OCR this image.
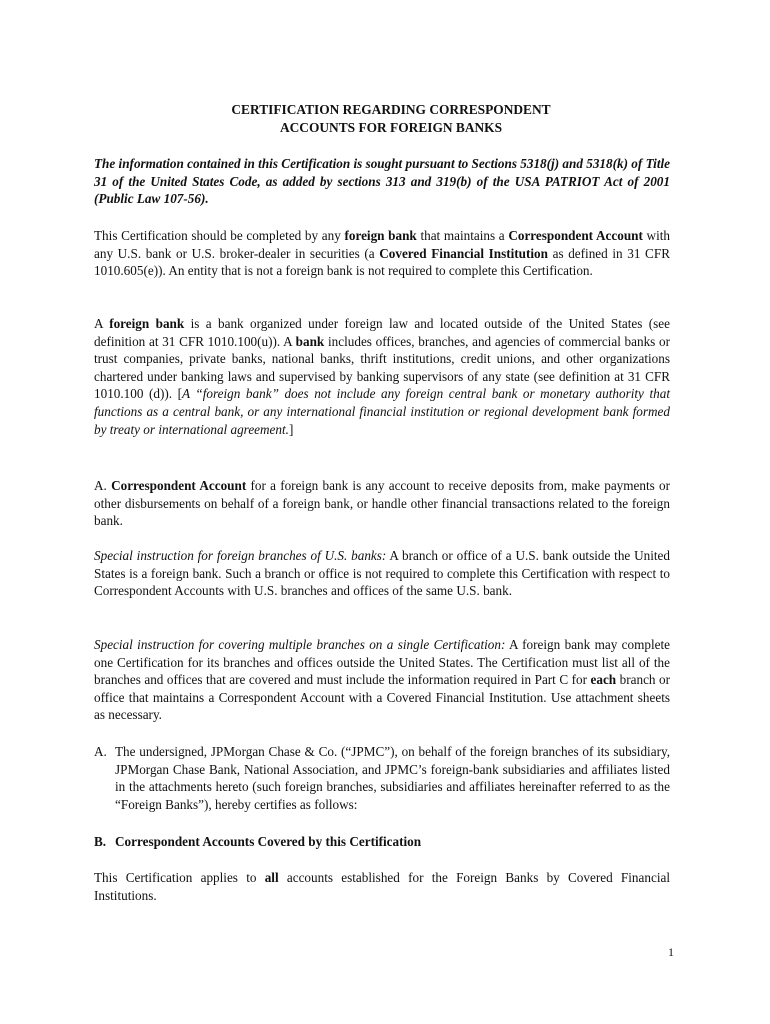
CERTIFICATION REGARDING CORRESPONDENT
ACCOUNTS FOR FOREIGN BANKS
The information contained in this Certification is sought pursuant to Sections 5318(j) and 5318(k) of Title 31 of the United States Code, as added by sections 313 and 319(b) of the USA PATRIOT Act of 2001 (Public Law 107-56).
This Certification should be completed by any foreign bank that maintains a Correspondent Account with any U.S. bank or U.S. broker-dealer in securities (a Covered Financial Institution as defined in 31 CFR 1010.605(e)). An entity that is not a foreign bank is not required to complete this Certification.
A foreign bank is a bank organized under foreign law and located outside of the United States (see definition at 31 CFR 1010.100(u)). A bank includes offices, branches, and agencies of commercial banks or trust companies, private banks, national banks, thrift institutions, credit unions, and other organizations chartered under banking laws and supervised by banking supervisors of any state (see definition at 31 CFR 1010.100 (d)). [A “foreign bank” does not include any foreign central bank or monetary authority that functions as a central bank, or any international financial institution or regional development bank formed by treaty or international agreement.]
A. Correspondent Account for a foreign bank is any account to receive deposits from, make payments or other disbursements on behalf of a foreign bank, or handle other financial transactions related to the foreign bank.
Special instruction for foreign branches of U.S. banks: A branch or office of a U.S. bank outside the United States is a foreign bank. Such a branch or office is not required to complete this Certification with respect to Correspondent Accounts with U.S. branches and offices of the same U.S. bank.
Special instruction for covering multiple branches on a single Certification: A foreign bank may complete one Certification for its branches and offices outside the United States. The Certification must list all of the branches and offices that are covered and must include the information required in Part C for each branch or office that maintains a Correspondent Account with a Covered Financial Institution. Use attachment sheets as necessary.
A. The undersigned, JPMorgan Chase & Co. (“JPMC”), on behalf of the foreign branches of its subsidiary, JPMorgan Chase Bank, National Association, and JPMC’s foreign-bank subsidiaries and affiliates listed in the attachments hereto (such foreign branches, subsidiaries and affiliates hereinafter referred to as the “Foreign Banks”), hereby certifies as follows:
B. Correspondent Accounts Covered by this Certification
This Certification applies to all accounts established for the Foreign Banks by Covered Financial Institutions.
1
